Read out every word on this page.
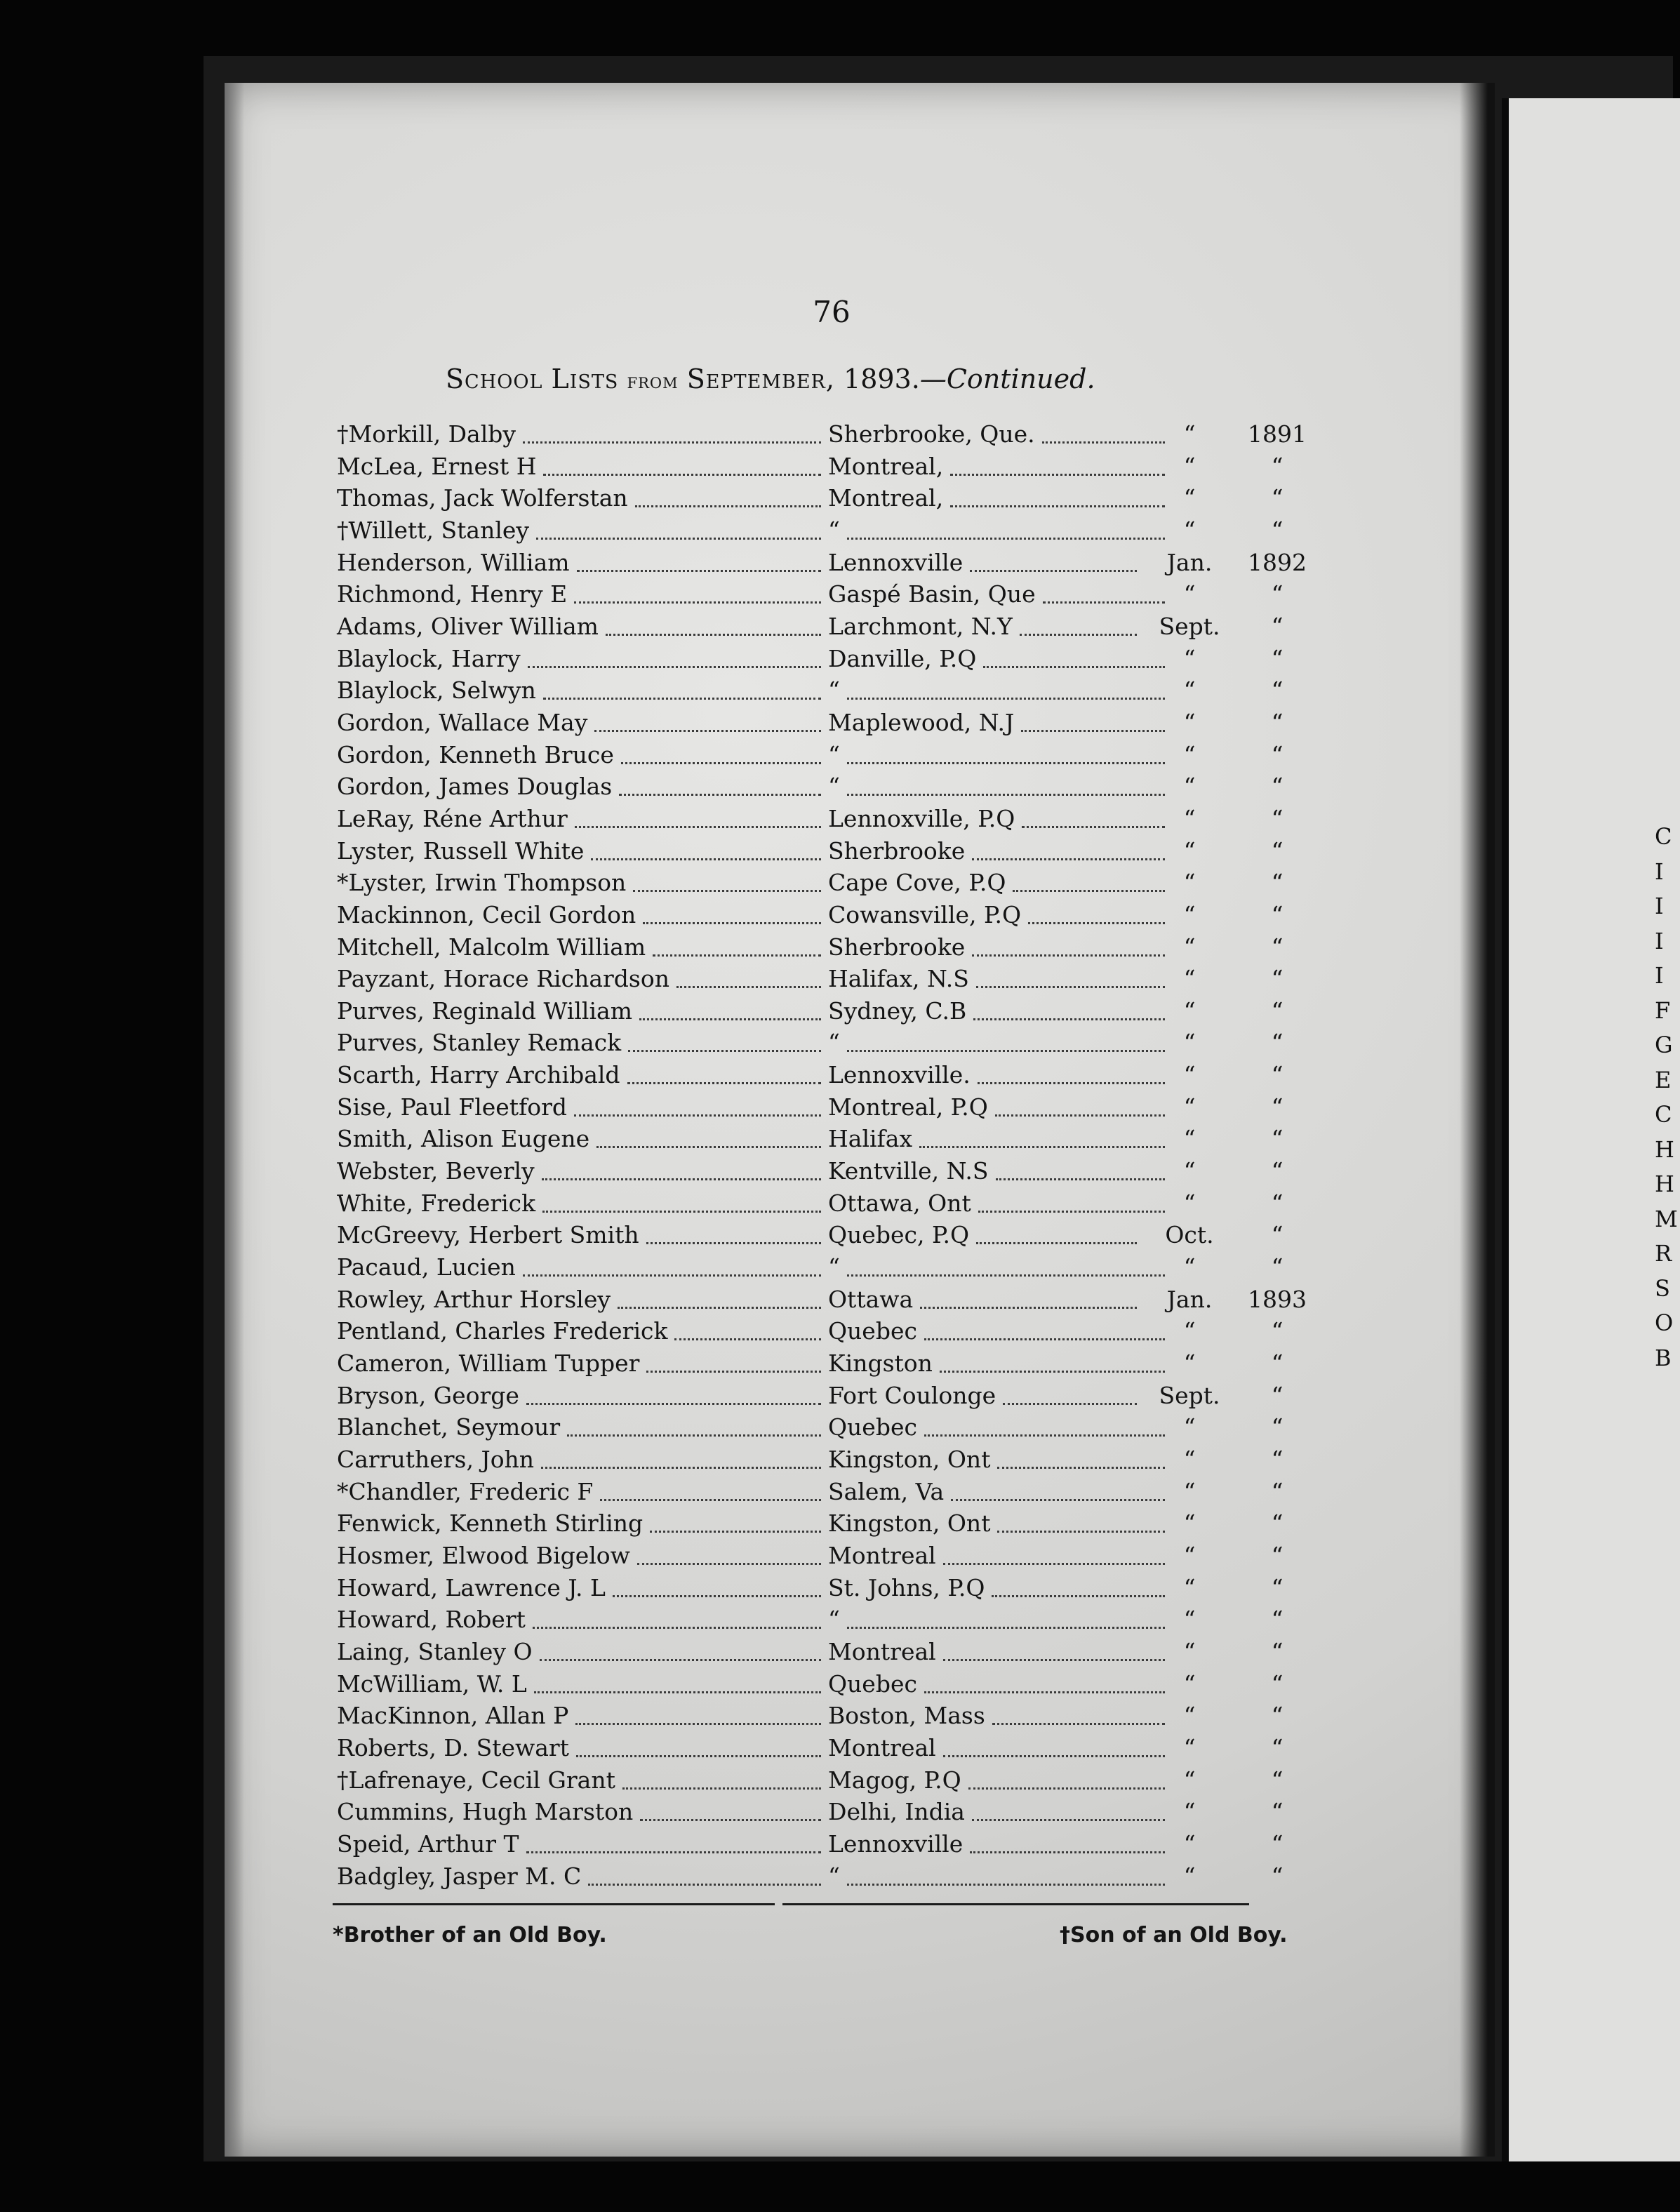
C
I
I
I
I
F
G
E
C
H
H
M
R
S
O
B
76
School Lists from September, 1893.—Continued.
†Morkill, Dalby	Sherbrooke, Que.	“	1891
McLea, Ernest H	Montreal,	“	“
Thomas, Jack Wolferstan	Montreal,	“	“
†Willett, Stanley	“	“	“
Henderson, William	Lennoxville	Jan.	1892
Richmond, Henry E	Gaspé Basin, Que	“	“
Adams, Oliver William	Larchmont, N.Y	Sept.	“
Blaylock, Harry	Danville, P.Q	“	“
Blaylock, Selwyn	“	“	“
Gordon, Wallace May	Maplewood, N.J	“	“
Gordon, Kenneth Bruce	“	“	“
Gordon, James Douglas	“	“	“
LeRay, Réne Arthur	Lennoxville, P.Q	“	“
Lyster, Russell White	Sherbrooke	“	“
*Lyster, Irwin Thompson	Cape Cove, P.Q	“	“
Mackinnon, Cecil Gordon	Cowansville, P.Q	“	“
Mitchell, Malcolm William	Sherbrooke	“	“
Payzant, Horace Richardson	Halifax, N.S	“	“
Purves, Reginald William	Sydney, C.B	“	“
Purves, Stanley Remack	“	“	“
Scarth, Harry Archibald	Lennoxville.	“	“
Sise, Paul Fleetford	Montreal, P.Q	“	“
Smith, Alison Eugene	Halifax	“	“
Webster, Beverly	Kentville, N.S	“	“
White, Frederick	Ottawa, Ont	“	“
McGreevy, Herbert Smith	Quebec, P.Q	Oct.	“
Pacaud, Lucien	“	“	“
Rowley, Arthur Horsley	Ottawa	Jan.	1893
Pentland, Charles Frederick	Quebec	“	“
Cameron, William Tupper	Kingston	“	“
Bryson, George	Fort Coulonge	Sept.	“
Blanchet, Seymour	Quebec	“	“
Carruthers, John	Kingston, Ont	“	“
*Chandler, Frederic F	Salem, Va	“	“
Fenwick, Kenneth Stirling	Kingston, Ont	“	“
Hosmer, Elwood Bigelow	Montreal	“	“
Howard, Lawrence J. L	St. Johns, P.Q	“	“
Howard, Robert	“	“	“
Laing, Stanley O	Montreal	“	“
McWilliam, W. L	Quebec	“	“
MacKinnon, Allan P	Boston, Mass	“	“
Roberts, D. Stewart	Montreal	“	“
†Lafrenaye, Cecil Grant	Magog, P.Q	“	“
Cummins, Hugh Marston	Delhi, India	“	“
Speid, Arthur T	Lennoxville	“	“
Badgley, Jasper M. C	“	“	“
*Brother of an Old Boy.	†Son of an Old Boy.
